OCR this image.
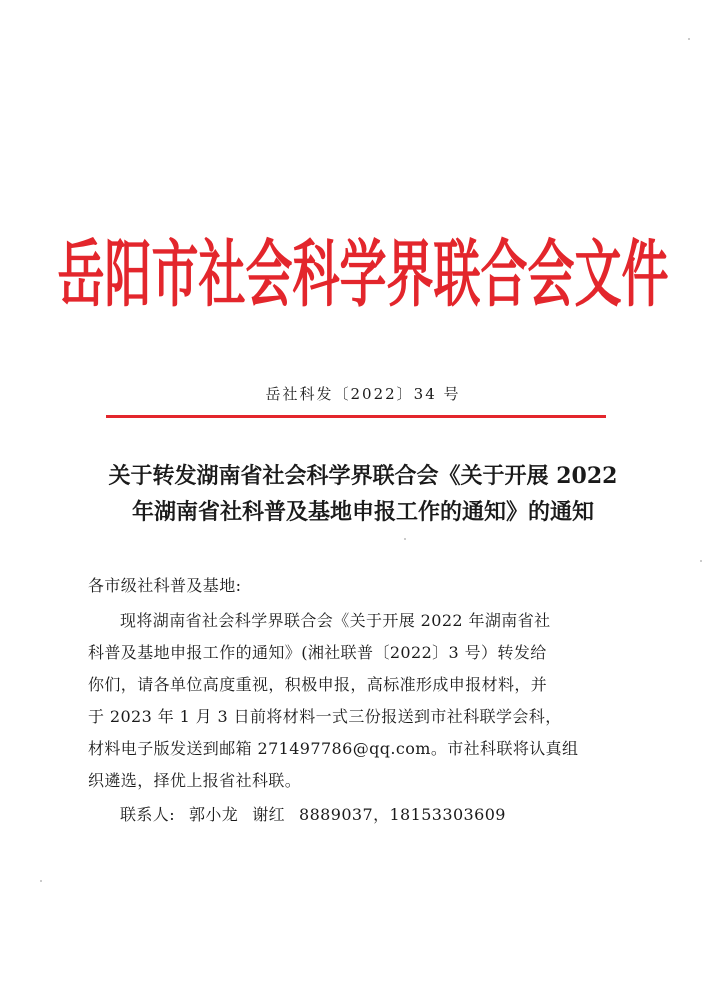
岳阳市社会科学界联合会文件
岳社科发〔2022〕34 号
关于转发湖南省社会科学界联合会《关于开展 2022
年湖南省社科普及基地申报工作的通知》的通知
各市级社科普及基地:
现将湖南省社会科学界联合会《关于开展 2022 年湖南省社
科普及基地申报工作的通知》(湘社联普〔2022〕3 号）转发给
你们，请各单位高度重视，积极申报，高标准形成申报材料，并
于 2023 年 1 月 3 日前将材料一式三份报送到市社科联学会科，
材料电子版发送到邮箱 271497786@qq.com。市社科联将认真组
织遴选，择优上报省社科联。
联系人: 郭小龙 谢红 8889037，18153303609
